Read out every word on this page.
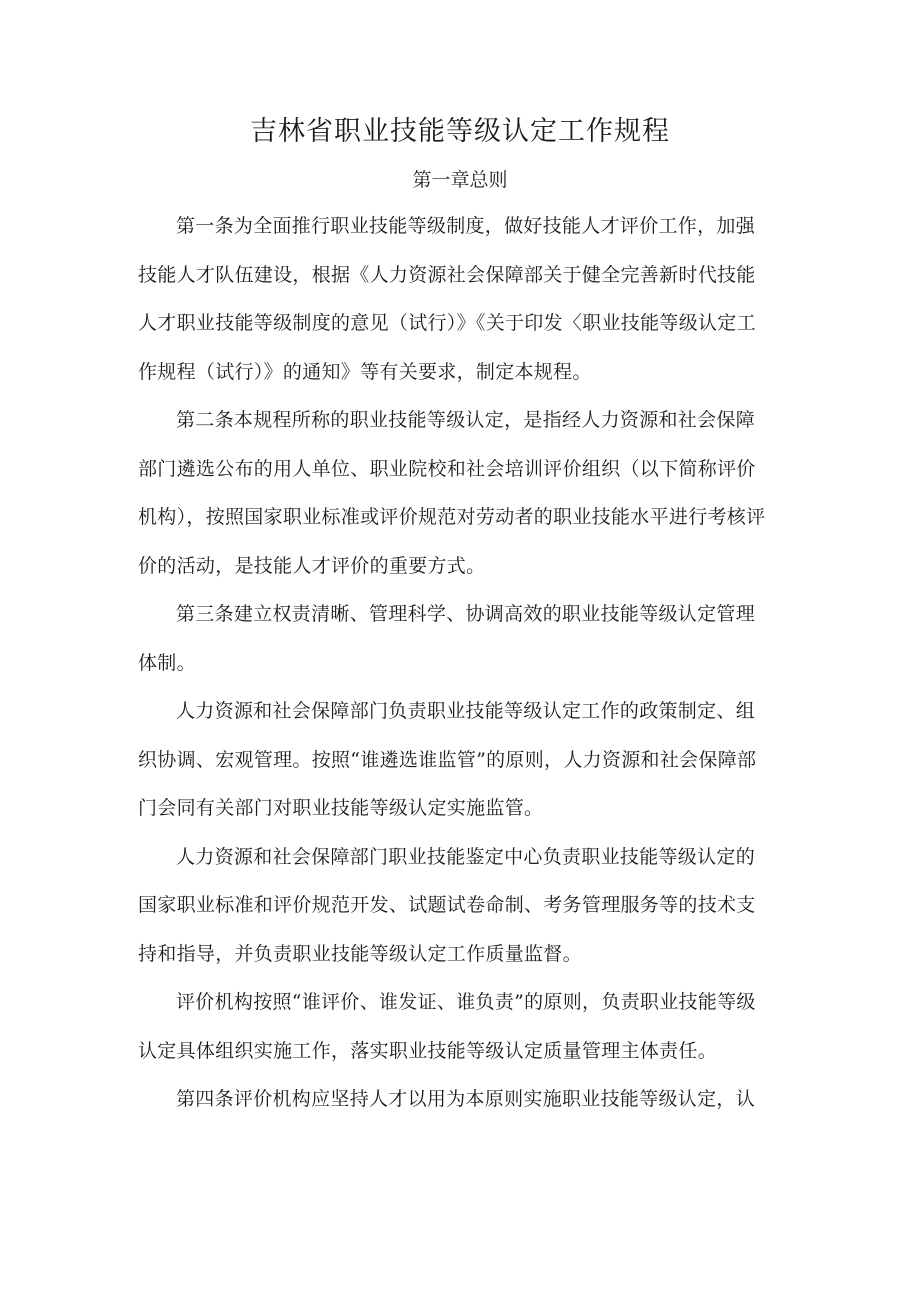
吉林省职业技能等级认定工作规程
第一章总则

第一条为全面推行职业技能等级制度，做好技能人才评价工作，加强技能人才队伍建设，根据《人力资源社会保障部关于健全完善新时代技能人才职业技能等级制度的意见（试行）》《关于印发〈职业技能等级认定工作规程（试行）》的通知》等有关要求，制定本规程。

第二条本规程所称的职业技能等级认定，是指经人力资源和社会保障部门遴选公布的用人单位、职业院校和社会培训评价组织（以下简称评价机构），按照国家职业标准或评价规范对劳动者的职业技能水平进行考核评价的活动，是技能人才评价的重要方式。

第三条建立权责清晰、管理科学、协调高效的职业技能等级认定管理体制。

人力资源和社会保障部门负责职业技能等级认定工作的政策制定、组织协调、宏观管理。按照“谁遴选谁监管”的原则，人力资源和社会保障部门会同有关部门对职业技能等级认定实施监管。

人力资源和社会保障部门职业技能鉴定中心负责职业技能等级认定的国家职业标准和评价规范开发、试题试卷命制、考务管理服务等的技术支持和指导，并负责职业技能等级认定工作质量监督。

评价机构按照“谁评价、谁发证、谁负责”的原则，负责职业技能等级认定具体组织实施工作，落实职业技能等级认定质量管理主体责任。

第四条评价机构应坚持人才以用为本原则实施职业技能等级认定，认
